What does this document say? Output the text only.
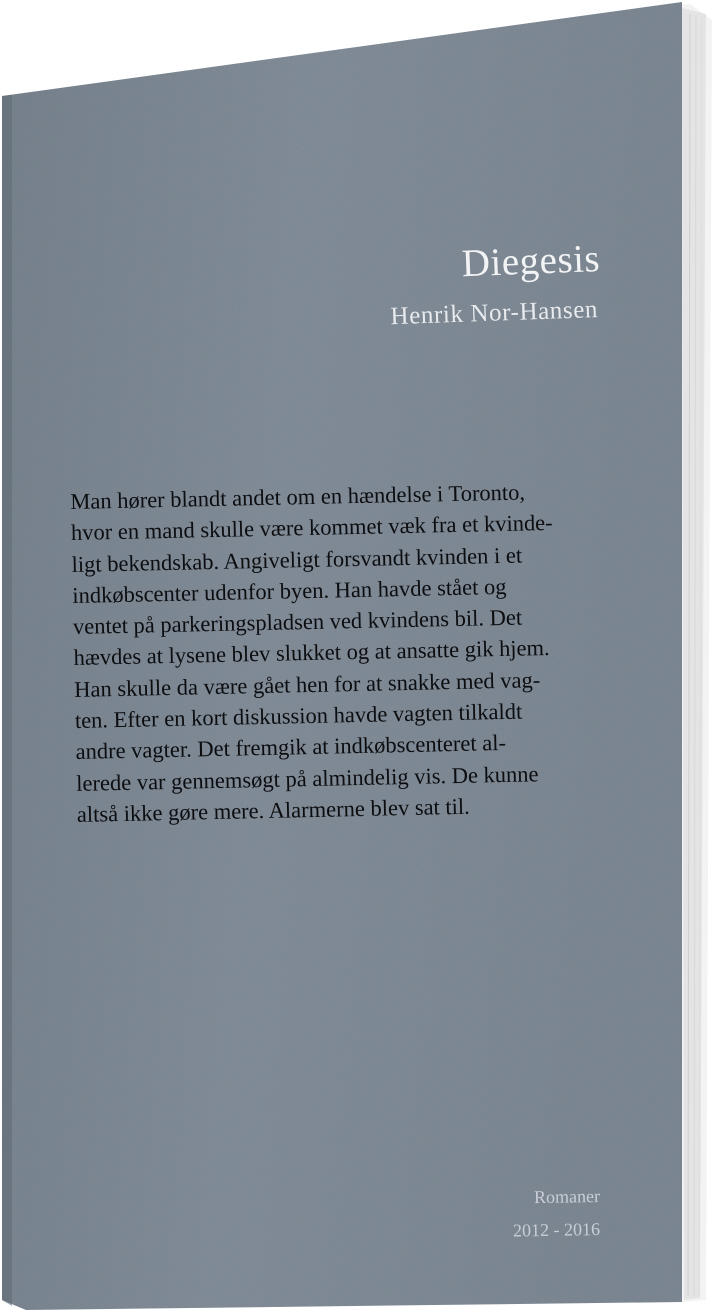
Diegesis
Henrik Nor-Hansen
Man hører blandt andet om en hændelse i Toronto,
hvor en mand skulle være kommet væk fra et kvinde-
ligt bekendskab. Angiveligt forsvandt kvinden i et
indkøbscenter udenfor byen. Han havde stået og
ventet på parkeringspladsen ved kvindens bil. Det
hævdes at lysene blev slukket og at ansatte gik hjem.
Han skulle da være gået hen for at snakke med vag-
ten. Efter en kort diskussion havde vagten tilkaldt
andre vagter. Det fremgik at indkøbscenteret al-
lerede var gennemsøgt på almindelig vis. De kunne
altså ikke gøre mere. Alarmerne blev sat til.
Romaner
2012 - 2016
